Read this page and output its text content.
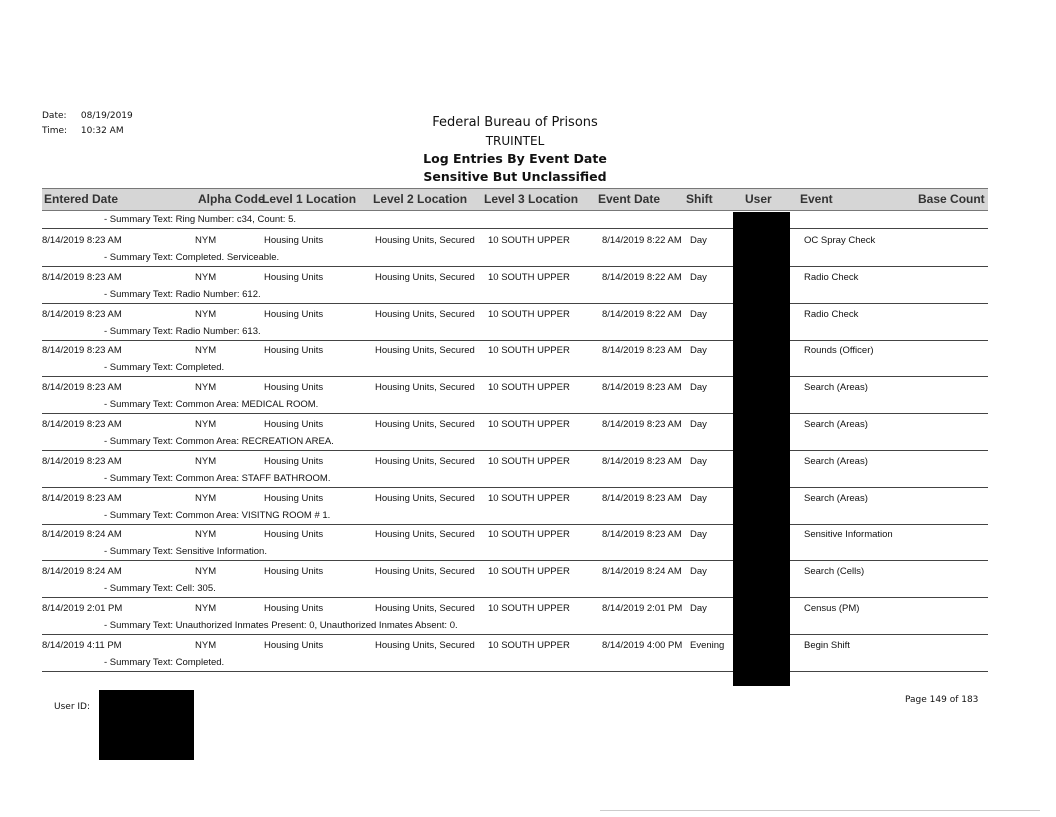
Date: 08/19/2019
Time: 10:32 AM
Federal Bureau of Prisons
TRUINTEL
Log Entries By Event Date
Sensitive But Unclassified
Entered Date	Alpha Code
Level 1 Location Level 2 Location Level 3 Location Event Date Shift	User Event	Base Count
- Summary Text: Ring Number: c34, Count: 5.
8/14/2019 8:23 AM	NYM	Housing Units	Housing Units, Secured 10 SOUTH UPPER	8/14/2019 8:22 AM Day	OC Spray Check
- Summary Text: Completed. Serviceable.
8/14/2019 8:23 AM	NYM	Housing Units	Housing Units, Secured 10 SOUTH UPPER	8/14/2019 8:22 AM Day	Radio Check
- Summary Text: Radio Number: 612.
8/14/2019 8:23 AM	NYM	Housing Units	Housing Units, Secured 10 SOUTH UPPER	8/14/2019 8:22 AM Day	Radio Check
- Summary Text: Radio Number: 613.
8/14/2019 8:23 AM	NYM	Housing Units	Housing Units, Secured 10 SOUTH UPPER	8/14/2019 8:23 AM Day	Rounds (Officer)
- Summary Text: Completed.
8/14/2019 8:23 AM	NYM	Housing Units	Housing Units, Secured 10 SOUTH UPPER	8/14/2019 8:23 AM Day	Search (Areas)
- Summary Text: Common Area: MEDICAL ROOM.
8/14/2019 8:23 AM	NYM	Housing Units	Housing Units, Secured 10 SOUTH UPPER	8/14/2019 8:23 AM Day	Search (Areas)
- Summary Text: Common Area: RECREATION AREA.
8/14/2019 8:23 AM	NYM	Housing Units	Housing Units, Secured 10 SOUTH UPPER	8/14/2019 8:23 AM Day	Search (Areas)
- Summary Text: Common Area: STAFF BATHROOM.
8/14/2019 8:23 AM	NYM	Housing Units	Housing Units, Secured 10 SOUTH UPPER	8/14/2019 8:23 AM Day	Search (Areas)
- Summary Text: Common Area: VISITNG ROOM # 1.
8/14/2019 8:24 AM	NYM	Housing Units	Housing Units, Secured 10 SOUTH UPPER	8/14/2019 8:23 AM Day	Sensitive Information
- Summary Text: Sensitive Information.
8/14/2019 8:24 AM	NYM	Housing Units	Housing Units, Secured 10 SOUTH UPPER	8/14/2019 8:24 AM Day	Search (Cells)
- Summary Text: Cell: 305.
8/14/2019 2:01 PM	NYM	Housing Units	Housing Units, Secured 10 SOUTH UPPER	8/14/2019 2:01 PM Day	Census (PM)
- Summary Text: Unauthorized Inmates Present: 0, Unauthorized Inmates Absent: 0.
8/14/2019 4:11 PM	NYM	Housing Units	Housing Units, Secured 10 SOUTH UPPER	8/14/2019 4:00 PM Evening	Begin Shift
- Summary Text: Completed.
User ID:
Page 149 of 183
